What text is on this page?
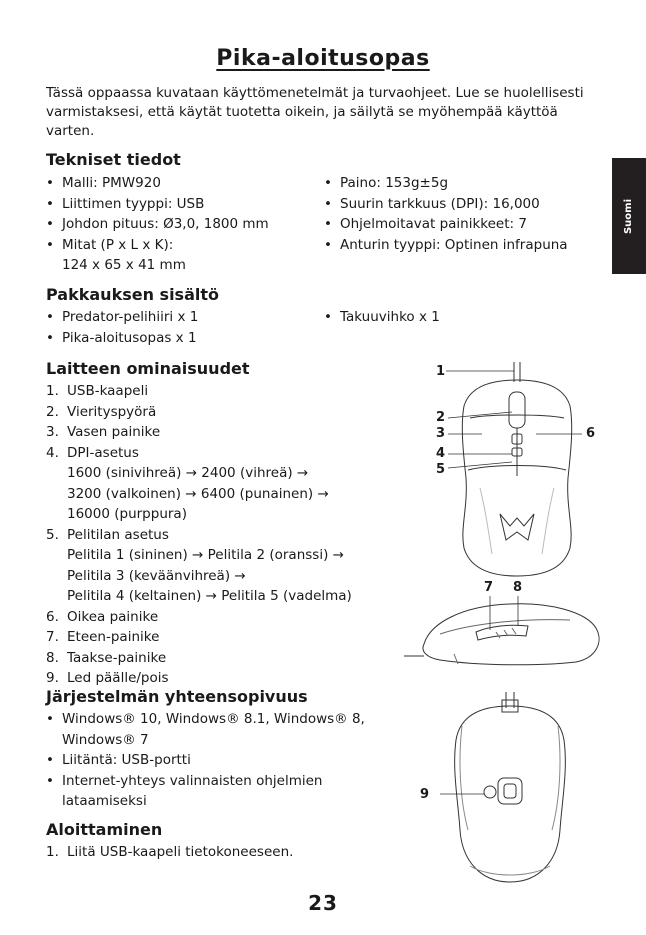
Pika-aloitusopas
Tässä oppaassa kuvataan käyttömenetelmät ja turvaohjeet. Lue se huolellisesti varmistaksesi, että käytät tuotetta oikein, ja säilytä se myöhempää käyttöä varten.
Suomi
Tekniset tiedot
• Malli: PMW920
• Liittimen tyyppi: USB
• Johdon pituus: Ø3,0, 1800 mm
• Mitat (P x L x K):
124 x 65 x 41 mm
• Paino: 153g±5g
• Suurin tarkkuus (DPI): 16,000
• Ohjelmoitavat painikkeet: 7
• Anturin tyyppi: Optinen infrapuna
Pakkauksen sisältö
• Predator-pelihiiri x 1
• Pika-aloitusopas x 1
• Takuuvihko x 1
Laitteen ominaisuudet
1. USB-kaapeli
2. Vierityspyörä
3. Vasen painike
4. DPI-asetus
1600 (sinivihreä) → 2400 (vihreä) →
3200 (valkoinen) → 6400 (punainen) →
16000 (purppura)
5. Pelitilan asetus
Pelitila 1 (sininen) → Pelitila 2 (oranssi) →
Pelitila 3 (keväänvihreä) →
Pelitila 4 (keltainen) → Pelitila 5 (vadelma)
6. Oikea painike
7. Eteen-painike
8. Taakse-painike
9. Led päälle/pois
Järjestelmän yhteensopivuus
• Windows® 10, Windows® 8.1, Windows® 8,
Windows® 7
• Liitäntä: USB-portti
• Internet-yhteys valinnaisten ohjelmien
lataamiseksi
Aloittaminen
1. Liitä USB-kaapeli tietokoneeseen.
1
2
3
4
5
6
7 8
9
23
